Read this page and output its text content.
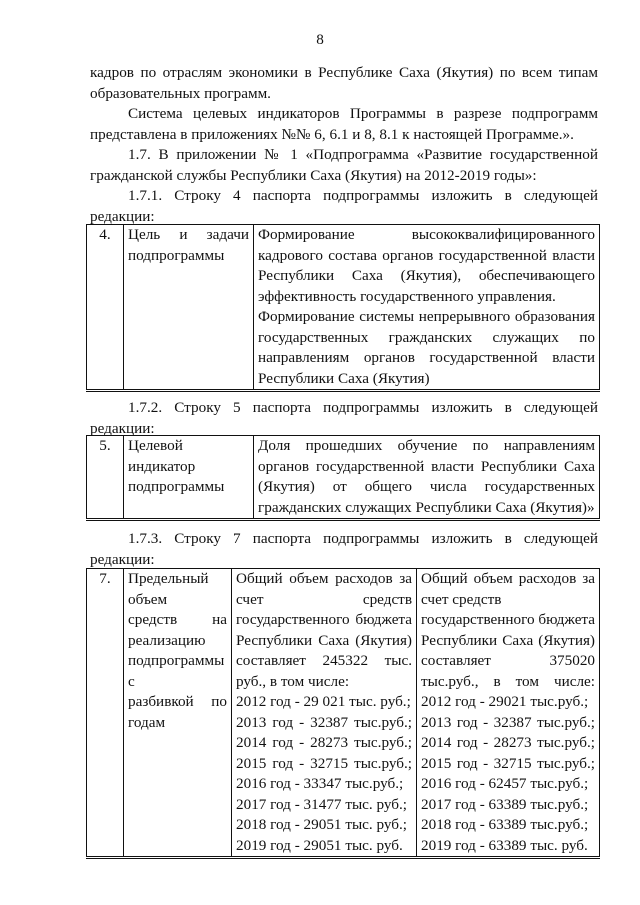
8
кадров по отраслям экономики в Республике Саха (Якутия) по всем типам
образовательных программ.
Система целевых индикаторов Программы в разрезе подпрограмм
представлена в приложениях №№ 6, 6.1 и 8, 8.1 к настоящей Программе.».
1.7. В приложении № 1 «Подпрограмма «Развитие государственной
гражданской службы Республики Саха (Якутия) на 2012-2019 годы»:
1.7.1. Строку 4 паспорта подпрограммы изложить в следующей
редакции:
4.	Цель и задачи
подпрограммы

Формирование высококвалифицированного
кадрового состава органов государственной власти
Республики Саха (Якутия), обеспечивающего
эффективность государственного управления.
Формирование системы непрерывного образования
государственных гражданских служащих по
направлениям органов государственной власти
Республики Саха (Якутия)
1.7.2. Строку 5 паспорта подпрограммы изложить в следующей
редакции:
5.	Целевой
индикатор
подпрограммы

Доля прошедших обучение по направлениям
органов государственной власти Республики Саха
(Якутия) от общего числа государственных
гражданских служащих Республики Саха (Якутия)»
1.7.3. Строку 7 паспорта подпрограммы изложить в следующей
редакции:
7.	Предельный
объем
средств на
реализацию
подпрограммы с
разбивкой по
годам

Общий объем расходов за
счет	средств
государственного бюджета
Республики Саха (Якутия)
составляет 245322 тыс.
руб., в том числе:
2012 год - 29 021 тыс. руб.;
2013 год - 32387 тыс.руб.;
2014 год - 28273 тыс.руб.;
2015 год - 32715 тыс.руб.;
2016 год - 33347 тыс.руб.;
2017 год - 31477 тыс. руб.;
2018 год - 29051 тыс. руб.;
2019 год - 29051 тыс. руб.

Общий объем расходов за
счет средств
государственного бюджета
Республики Саха (Якутия)
составляет	375020
тыс.руб., в том числе:
2012 год - 29021 тыс.руб.;
2013 год - 32387 тыс.руб.;
2014 год - 28273 тыс.руб.;
2015 год - 32715 тыс.руб.;
2016 год - 62457 тыс.руб.;
2017 год - 63389 тыс.руб.;
2018 год - 63389 тыс.руб.;
2019 год - 63389 тыс. руб.
